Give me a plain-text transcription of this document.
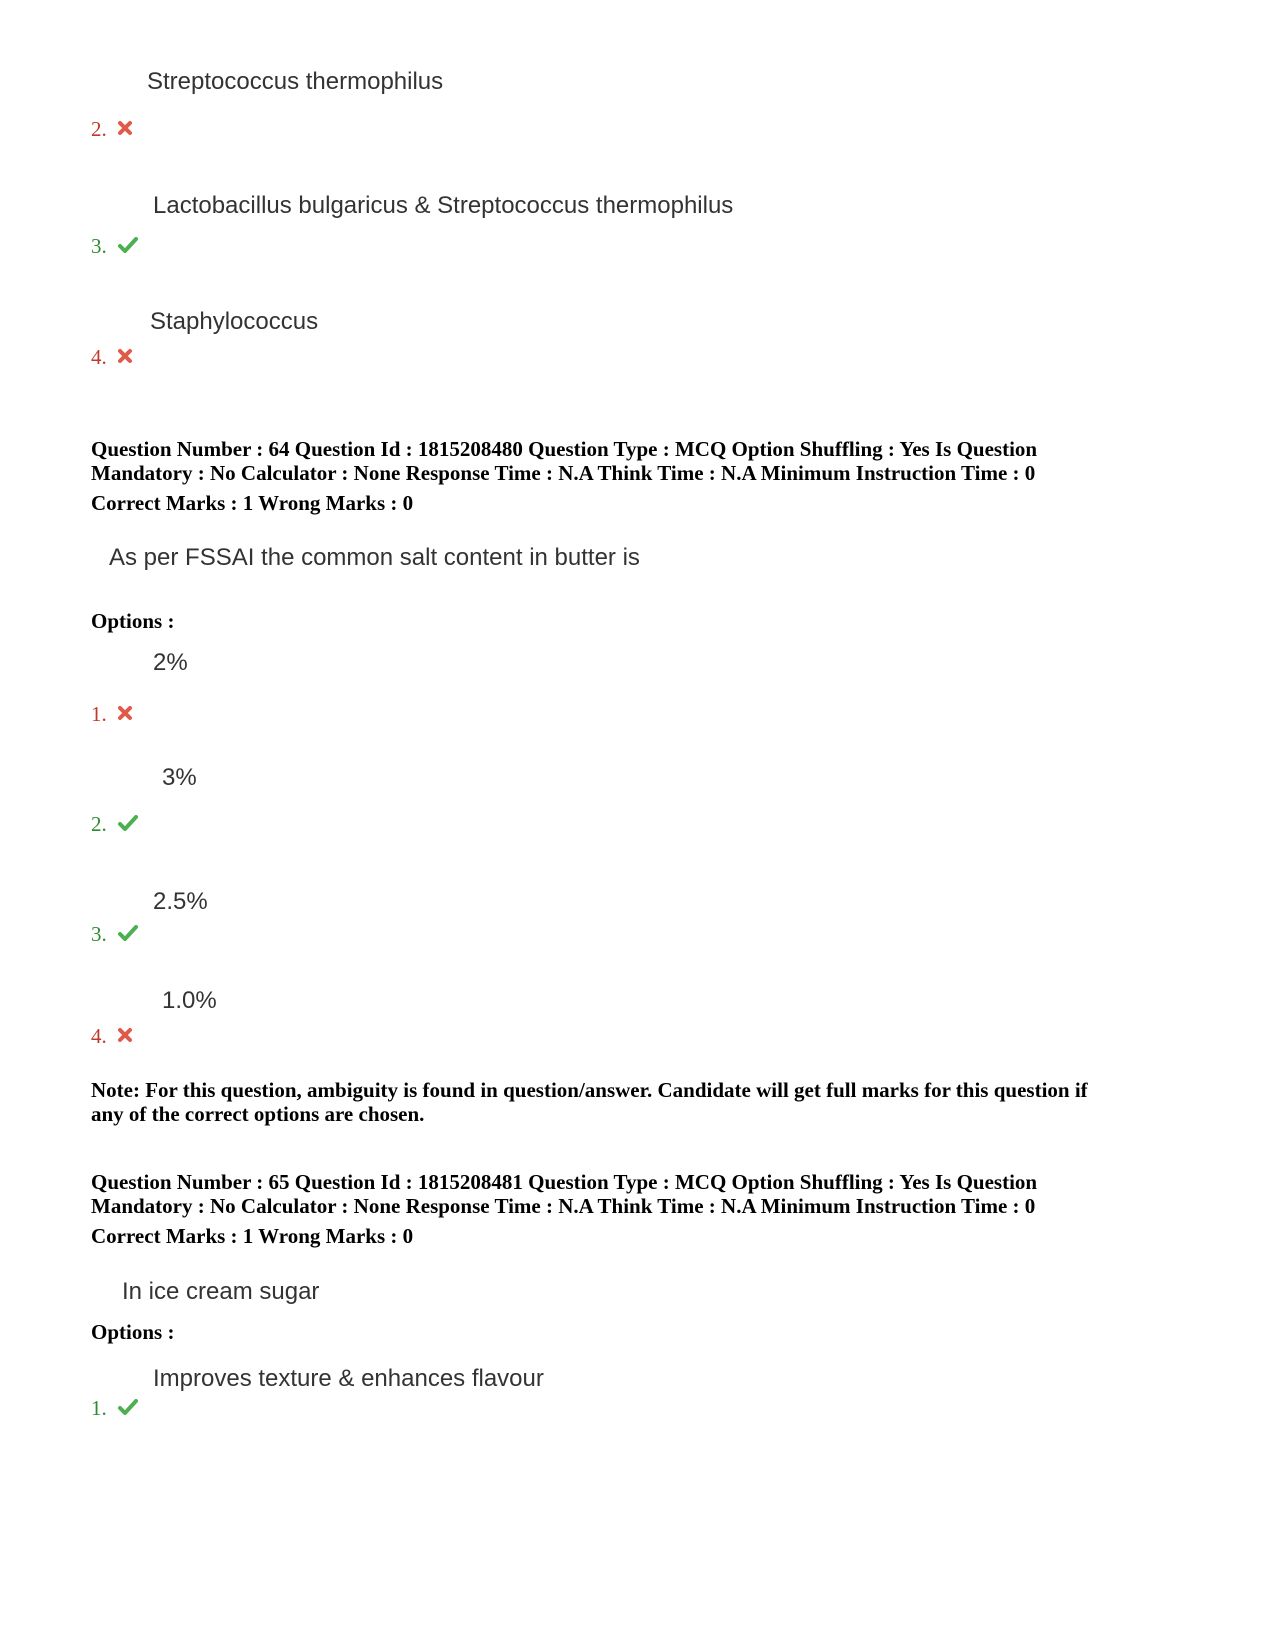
Streptococcus thermophilus
2.
Lactobacillus bulgaricus & Streptococcus thermophilus
3.
Staphylococcus
4.
Question Number : 64 Question Id : 1815208480 Question Type : MCQ Option Shuffling : Yes Is Question
Mandatory : No Calculator : None Response Time : N.A Think Time : N.A Minimum Instruction Time : 0
Correct Marks : 1 Wrong Marks : 0
As per FSSAI the common salt content in butter is
Options :
2%
1.
3%
2.
2.5%
3.
1.0%
4.
Note: For this question, ambiguity is found in question/answer. Candidate will get full marks for this question if
any of the correct options are chosen.
Question Number : 65 Question Id : 1815208481 Question Type : MCQ Option Shuffling : Yes Is Question
Mandatory : No Calculator : None Response Time : N.A Think Time : N.A Minimum Instruction Time : 0
Correct Marks : 1 Wrong Marks : 0
In ice cream sugar
Options :
Improves texture & enhances flavour
1.
